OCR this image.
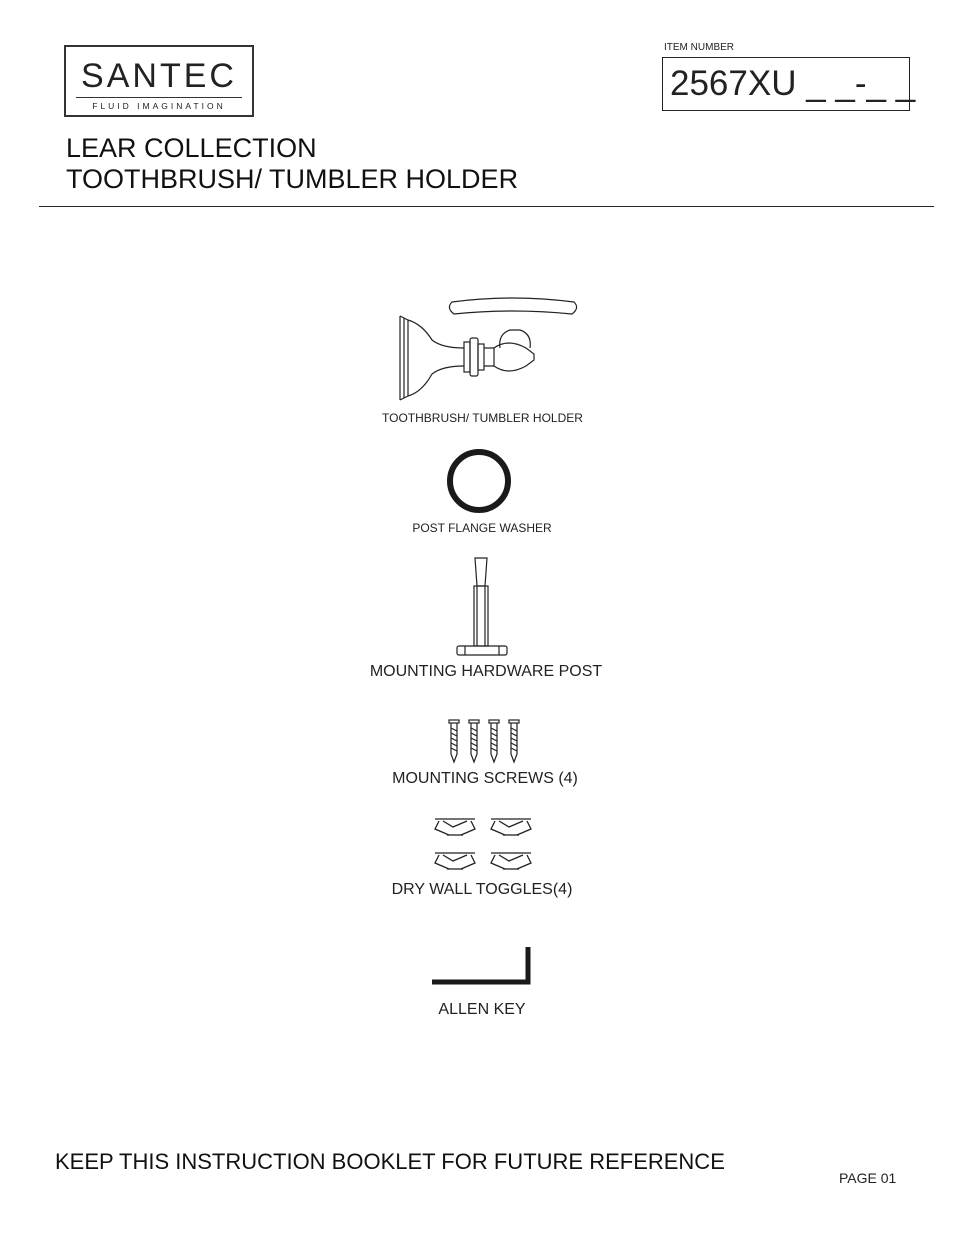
SANTEC
FLUID IMAGINATION
ITEM NUMBER
2567XU _ _-_ _
LEAR COLLECTION
TOOTHBRUSH/ TUMBLER HOLDER
TOOTHBRUSH/ TUMBLER HOLDER
POST FLANGE WASHER
MOUNTING HARDWARE POST
MOUNTING SCREWS (4)
DRY WALL TOGGLES(4)
ALLEN KEY
KEEP THIS INSTRUCTION BOOKLET FOR FUTURE REFERENCE
PAGE 01
